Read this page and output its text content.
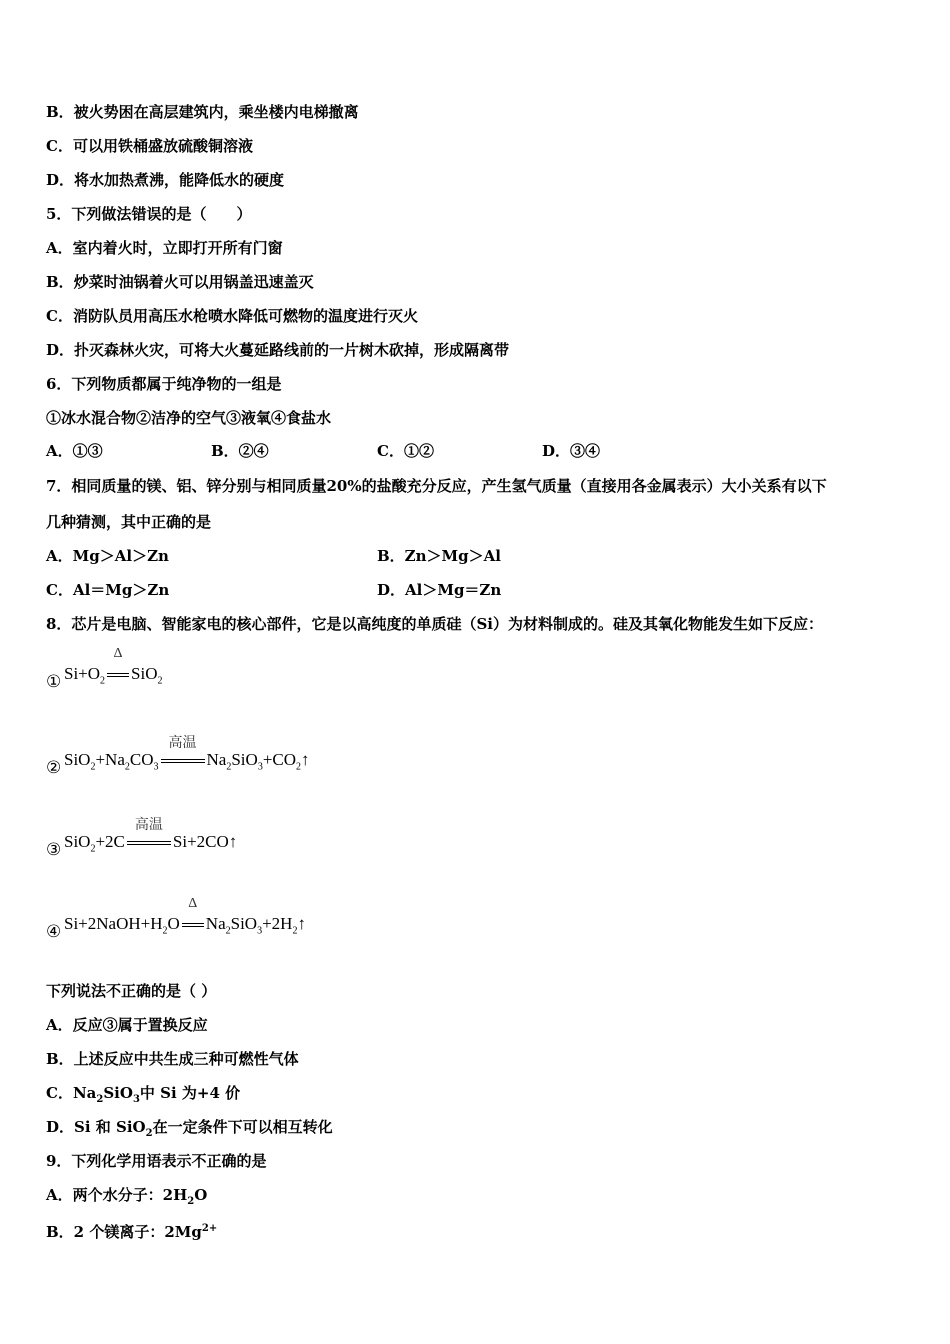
B．被火势困在高层建筑内，乘坐楼内电梯撤离
C．可以用铁桶盛放硫酸铜溶液
D．将水加热煮沸，能降低水的硬度
5．下列做法错误的是（　　）
A．室内着火时，立即打开所有门窗
B．炒菜时油锅着火可以用锅盖迅速盖灭
C．消防队员用高压水枪喷水降低可燃物的温度进行灭火
D．扑灭森林火灾，可将大火蔓延路线前的一片树木砍掉，形成隔离带
6．下列物质都属于纯净物的一组是
①冰水混合物②洁净的空气③液氧④食盐水
A．①③	B．②④	C．①②	D．③④
7．相同质量的镁、铝、锌分别与相同质量20%的盐酸充分反应，产生氢气质量（直接用各金属表示）大小关系有以下
几种猜测，其中正确的是
A．Mg＞Al＞Zn	B．Zn＞Mg＞Al
C．Al＝Mg＞Zn	D．Al＞Mg＝Zn
8．芯片是电脑、智能家电的核心部件，它是以高纯度的单质硅（Si）为材料制成的。硅及其氧化物能发生如下反应：
① $Si+O_2$
Δ
SiO$_2$
② $SiO_2+Na_2CO_3$
高温
$Na_2SiO_3+CO_2↑$
③ SiO$_2$+2C
高温
Si+2CO↑
④ $Si+2NaOH+H_2O$
Δ
$Na_2SiO_3+2H_2↑$
下列说法不正确的是（ ）
A．反应③属于置换反应
B．上述反应中共生成三种可燃性气体
C．$Na_2SiO_3$中 Si 为+4 价
D．Si 和 SiO$_2$在一定条件下可以相互转化
9．下列化学用语表示不正确的是
A．两个水分子：$2H_2O$
B．2 个镁离子：$2Mg^{2+}$
